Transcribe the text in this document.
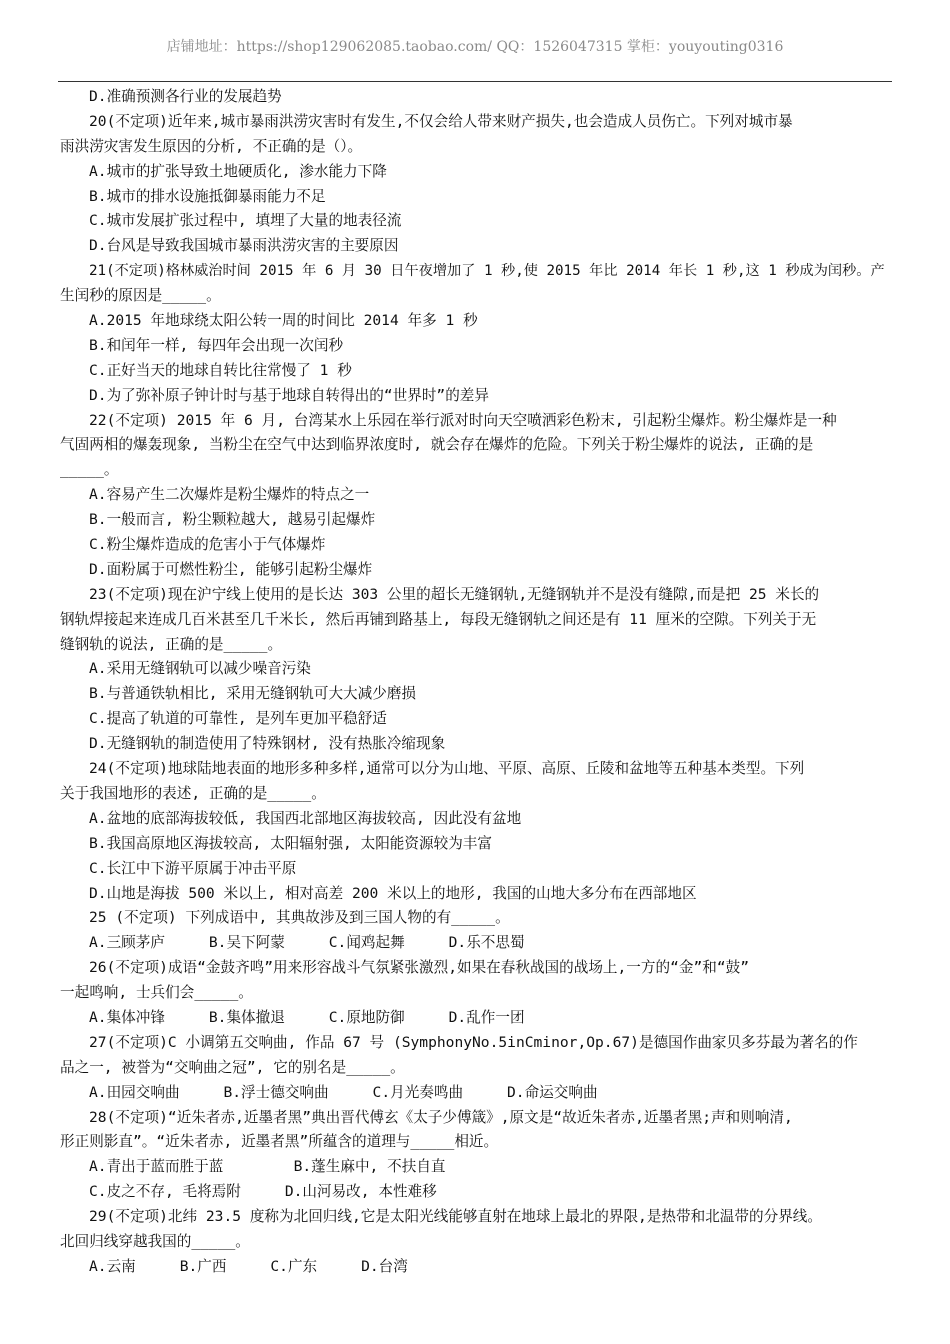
店铺地址：https://shop129062085.taobao.com/ QQ：1526047315 掌柜：youyouting0316
D.准确预测各行业的发展趋势
20(不定项)近年来,城市暴雨洪涝灾害时有发生,不仅会给人带来财产损失,也会造成人员伤亡。下列对城市暴
雨洪涝灾害发生原因的分析, 不正确的是（）。
A.城市的扩张导致土地硬质化, 渗水能力下降
B.城市的排水设施抵御暴雨能力不足
C.城市发展扩张过程中, 填埋了大量的地表径流
D.台风是导致我国城市暴雨洪涝灾害的主要原因
21(不定项)格林威治时间 2015 年 6 月 30 日午夜增加了 1 秒,使 2015 年比 2014 年长 1 秒,这 1 秒成为闰秒。产
生闰秒的原因是_____。
A.2015 年地球绕太阳公转一周的时间比 2014 年多 1 秒
B.和闰年一样, 每四年会出现一次闰秒
C.正好当天的地球自转比往常慢了 1 秒
D.为了弥补原子钟计时与基于地球自转得出的“世界时”的差异
22(不定项) 2015 年 6 月, 台湾某水上乐园在举行派对时向天空喷洒彩色粉末, 引起粉尘爆炸。粉尘爆炸是一种
气固两相的爆轰现象, 当粉尘在空气中达到临界浓度时, 就会存在爆炸的危险。下列关于粉尘爆炸的说法, 正确的是
_____。
A.容易产生二次爆炸是粉尘爆炸的特点之一
B.一般而言, 粉尘颗粒越大, 越易引起爆炸
C.粉尘爆炸造成的危害小于气体爆炸
D.面粉属于可燃性粉尘, 能够引起粉尘爆炸
23(不定项)现在沪宁线上使用的是长达 303 公里的超长无缝钢轨,无缝钢轨并不是没有缝隙,而是把 25 米长的
钢轨焊接起来连成几百米甚至几千米长, 然后再铺到路基上, 每段无缝钢轨之间还是有 11 厘米的空隙。下列关于无
缝钢轨的说法, 正确的是_____。
A.采用无缝钢轨可以减少噪音污染
B.与普通铁轨相比, 采用无缝钢轨可大大减少磨损
C.提高了轨道的可靠性, 是列车更加平稳舒适
D.无缝钢轨的制造使用了特殊钢材, 没有热胀冷缩现象
24(不定项)地球陆地表面的地形多种多样,通常可以分为山地、平原、高原、丘陵和盆地等五种基本类型。下列
关于我国地形的表述, 正确的是_____。
A.盆地的底部海拔较低, 我国西北部地区海拔较高, 因此没有盆地
B.我国高原地区海拔较高, 太阳辐射强, 太阳能资源较为丰富
C.长江中下游平原属于冲击平原
D.山地是海拔 500 米以上, 相对高差 200 米以上的地形, 我国的山地大多分布在西部地区
25 (不定项) 下列成语中, 其典故涉及到三国人物的有_____。
A.三顾茅庐     B.吴下阿蒙     C.闻鸡起舞     D.乐不思蜀
26(不定项)成语“金鼓齐鸣”用来形容战斗气氛紧张激烈,如果在春秋战国的战场上,一方的“金”和“鼓”
一起鸣响, 士兵们会_____。
A.集体冲锋     B.集体撤退     C.原地防御     D.乱作一团
27(不定项)C 小调第五交响曲, 作品 67 号 (SymphonyNo.5inCminor,Op.67)是德国作曲家贝多芬最为著名的作
品之一, 被誉为“交响曲之冠”, 它的别名是_____。
A.田园交响曲     B.浮士德交响曲     C.月光奏鸣曲     D.命运交响曲
28(不定项)“近朱者赤,近墨者黑”典出晋代傅玄《太子少傅箴》,原文是“故近朱者赤,近墨者黑;声和则响清,
形正则影直”。“近朱者赤, 近墨者黑”所蕴含的道理与_____相近。
A.青出于蓝而胜于蓝        B.蓬生麻中, 不扶自直
C.皮之不存, 毛将焉附     D.山河易改, 本性难移
29(不定项)北纬 23.5 度称为北回归线,它是太阳光线能够直射在地球上最北的界限,是热带和北温带的分界线。
北回归线穿越我国的_____。
A.云南     B.广西     C.广东     D.台湾
